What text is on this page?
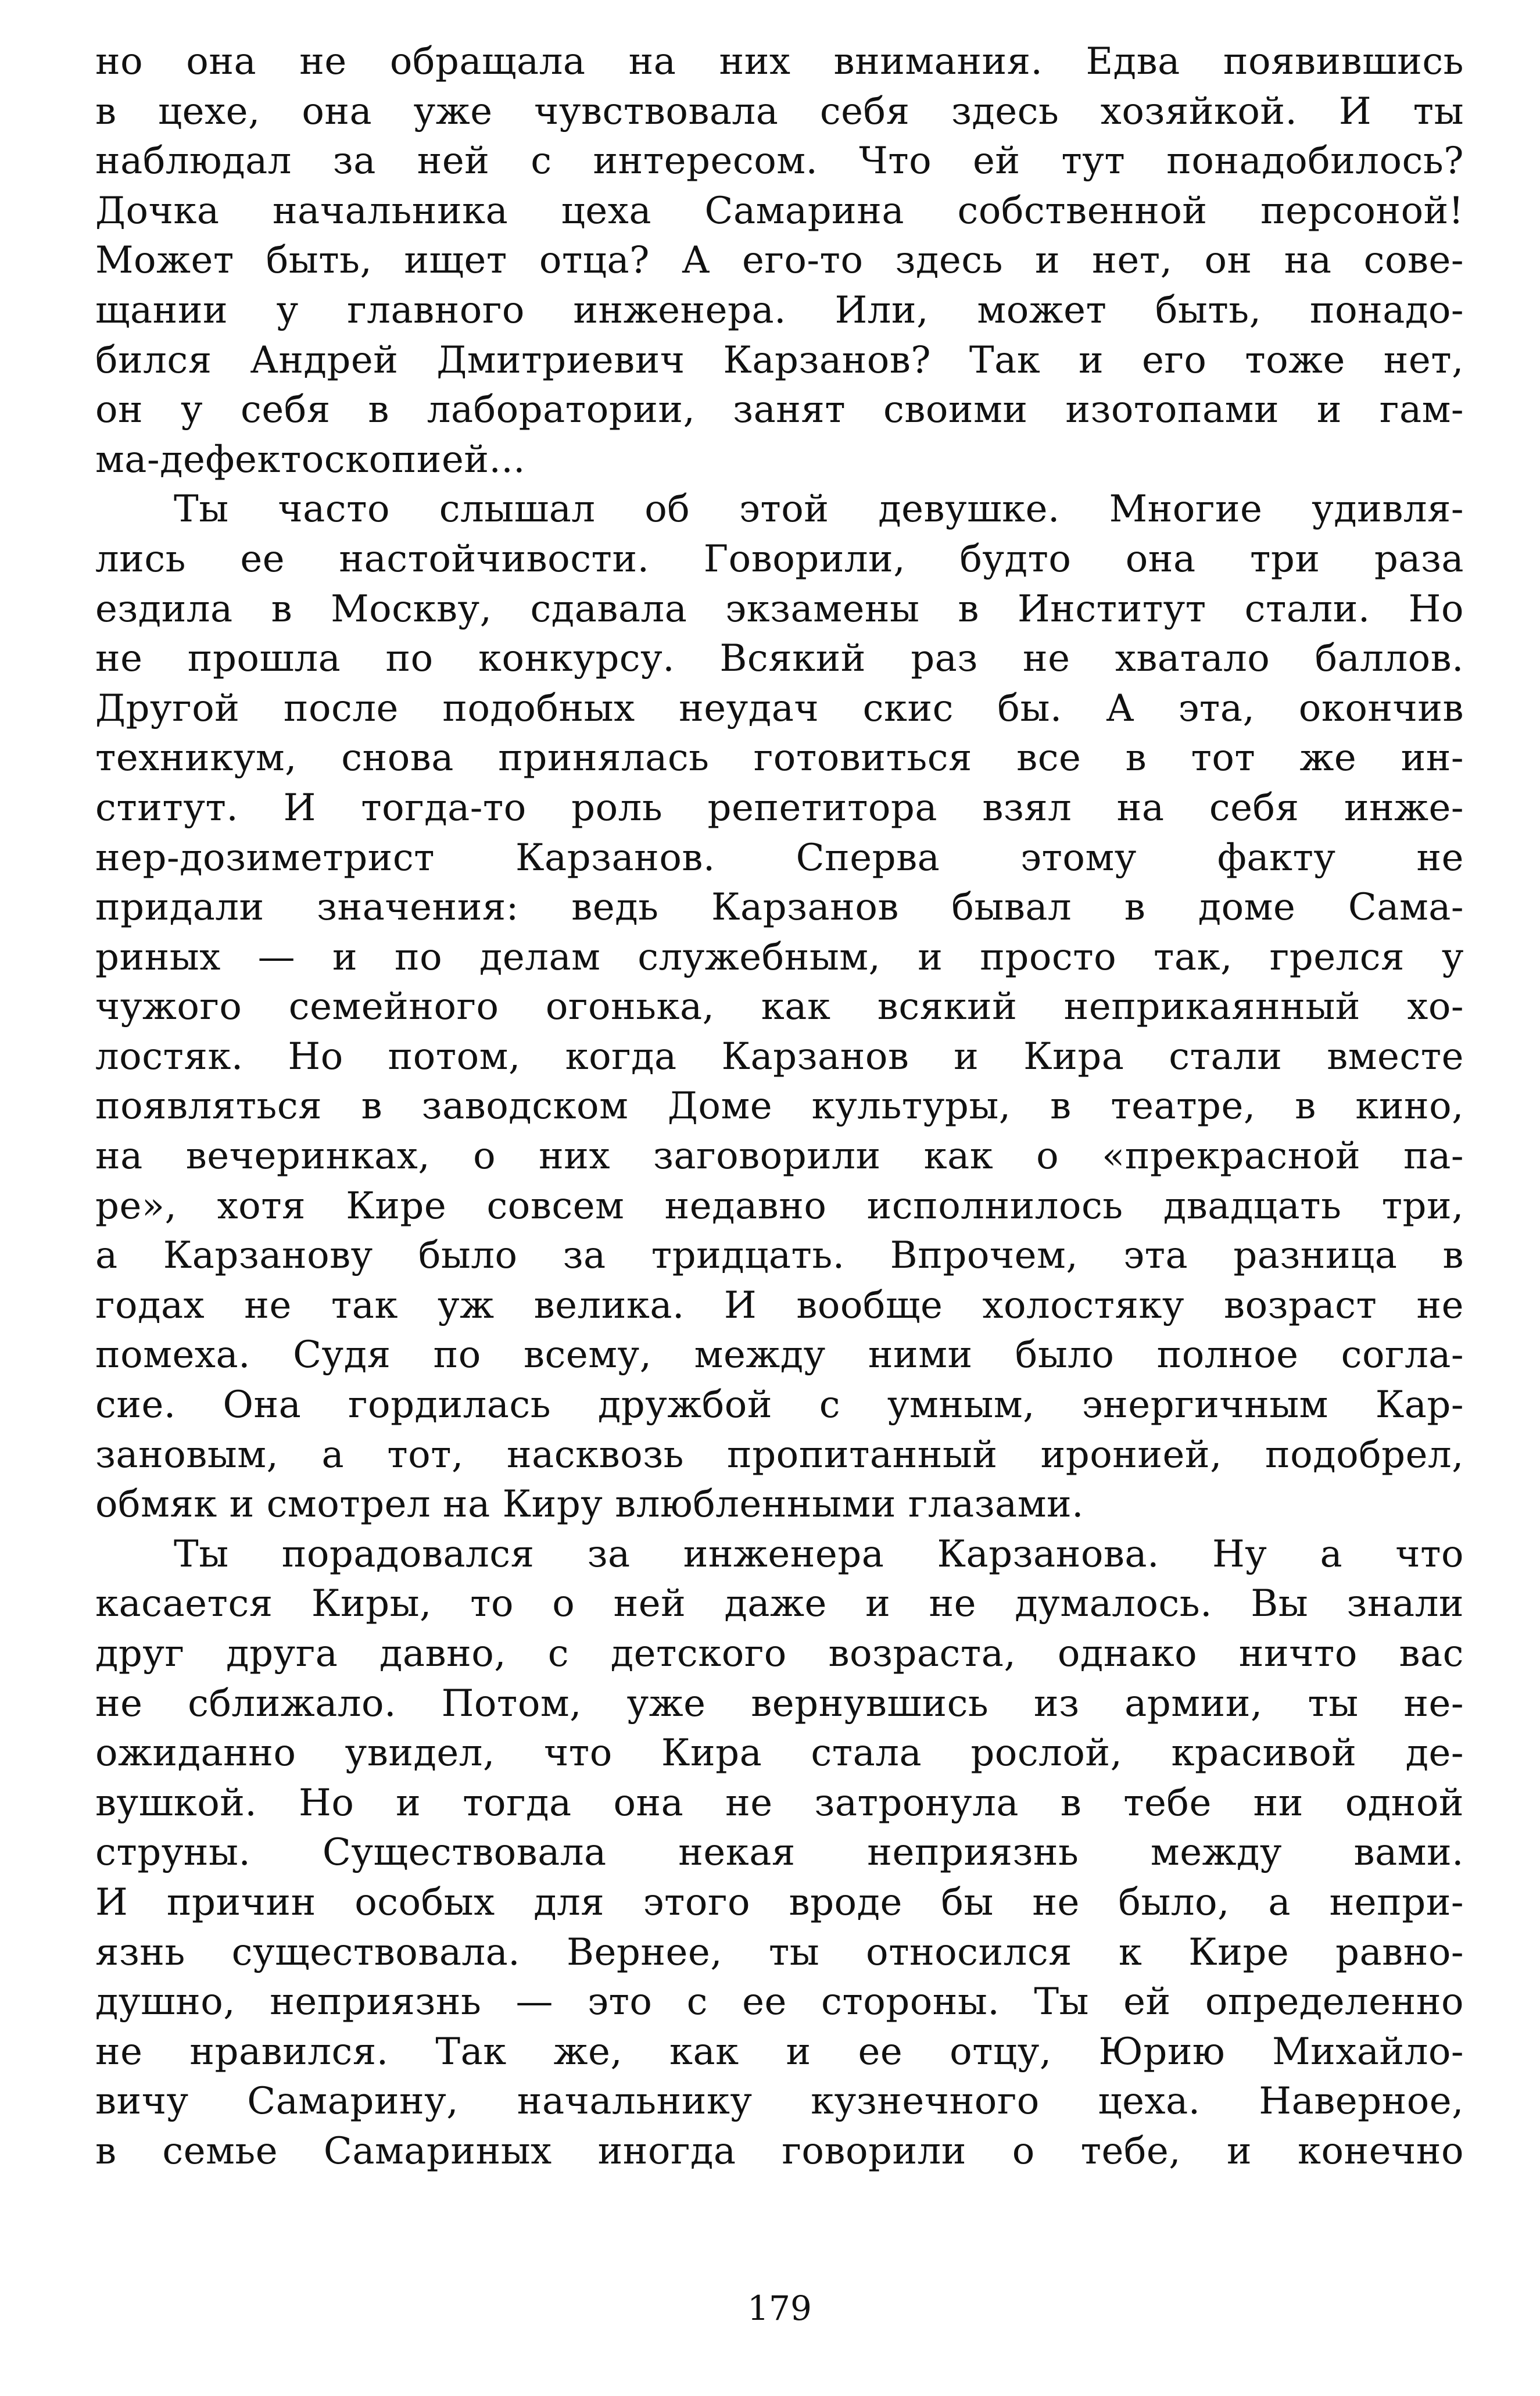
но она не обращала на них внимания. Едва появившись
в цехе, она уже чувствовала себя здесь хозяйкой. И ты
наблюдал за ней с интересом. Что ей тут понадобилось?
Дочка начальника цеха Самарина собственной персоной!
Может быть, ищет отца? А его-то здесь и нет, он на сове-
щании у главного инженера. Или, может быть, понадо-
бился Андрей Дмитриевич Карзанов? Так и его тоже нет,
он у себя в лаборатории, занят своими изотопами и гам-
ма-дефектоскопией...
Ты часто слышал об этой девушке. Многие удивля-
лись ее настойчивости. Говорили, будто она три раза
ездила в Москву, сдавала экзамены в Институт стали. Но
не прошла по конкурсу. Всякий раз не хватало баллов.
Другой после подобных неудач скис бы. А эта, окончив
техникум, снова принялась готовиться все в тот же ин-
ститут. И тогда-то роль репетитора взял на себя инже-
нер-дозиметрист Карзанов. Сперва этому факту не
придали значения: ведь Карзанов бывал в доме Сама-
риных — и по делам служебным, и просто так, грелся у
чужого семейного огонька, как всякий неприкаянный хо-
лостяк. Но потом, когда Карзанов и Кира стали вместе
появляться в заводском Доме культуры, в театре, в кино,
на вечеринках, о них заговорили как о «прекрасной па-
ре», хотя Кире совсем недавно исполнилось двадцать три,
а Карзанову было за тридцать. Впрочем, эта разница в
годах не так уж велика. И вообще холостяку возраст не
помеха. Судя по всему, между ними было полное согла-
сие. Она гордилась дружбой с умным, энергичным Кар-
зановым, а тот, насквозь пропитанный иронией, подобрел,
обмяк и смотрел на Киру влюбленными глазами.
Ты порадовался за инженера Карзанова. Ну а что
касается Киры, то о ней даже и не думалось. Вы знали
друг друга давно, с детского возраста, однако ничто вас
не сближало. Потом, уже вернувшись из армии, ты не-
ожиданно увидел, что Кира стала рослой, красивой де-
вушкой. Но и тогда она не затронула в тебе ни одной
струны. Существовала некая неприязнь между вами.
И причин особых для этого вроде бы не было, а непри-
язнь существовала. Вернее, ты относился к Кире равно-
душно, неприязнь — это с ее стороны. Ты ей определенно
не нравился. Так же, как и ее отцу, Юрию Михайло-
вичу Самарину, начальнику кузнечного цеха. Наверное,
в семье Самариных иногда говорили о тебе, и конечно
179
